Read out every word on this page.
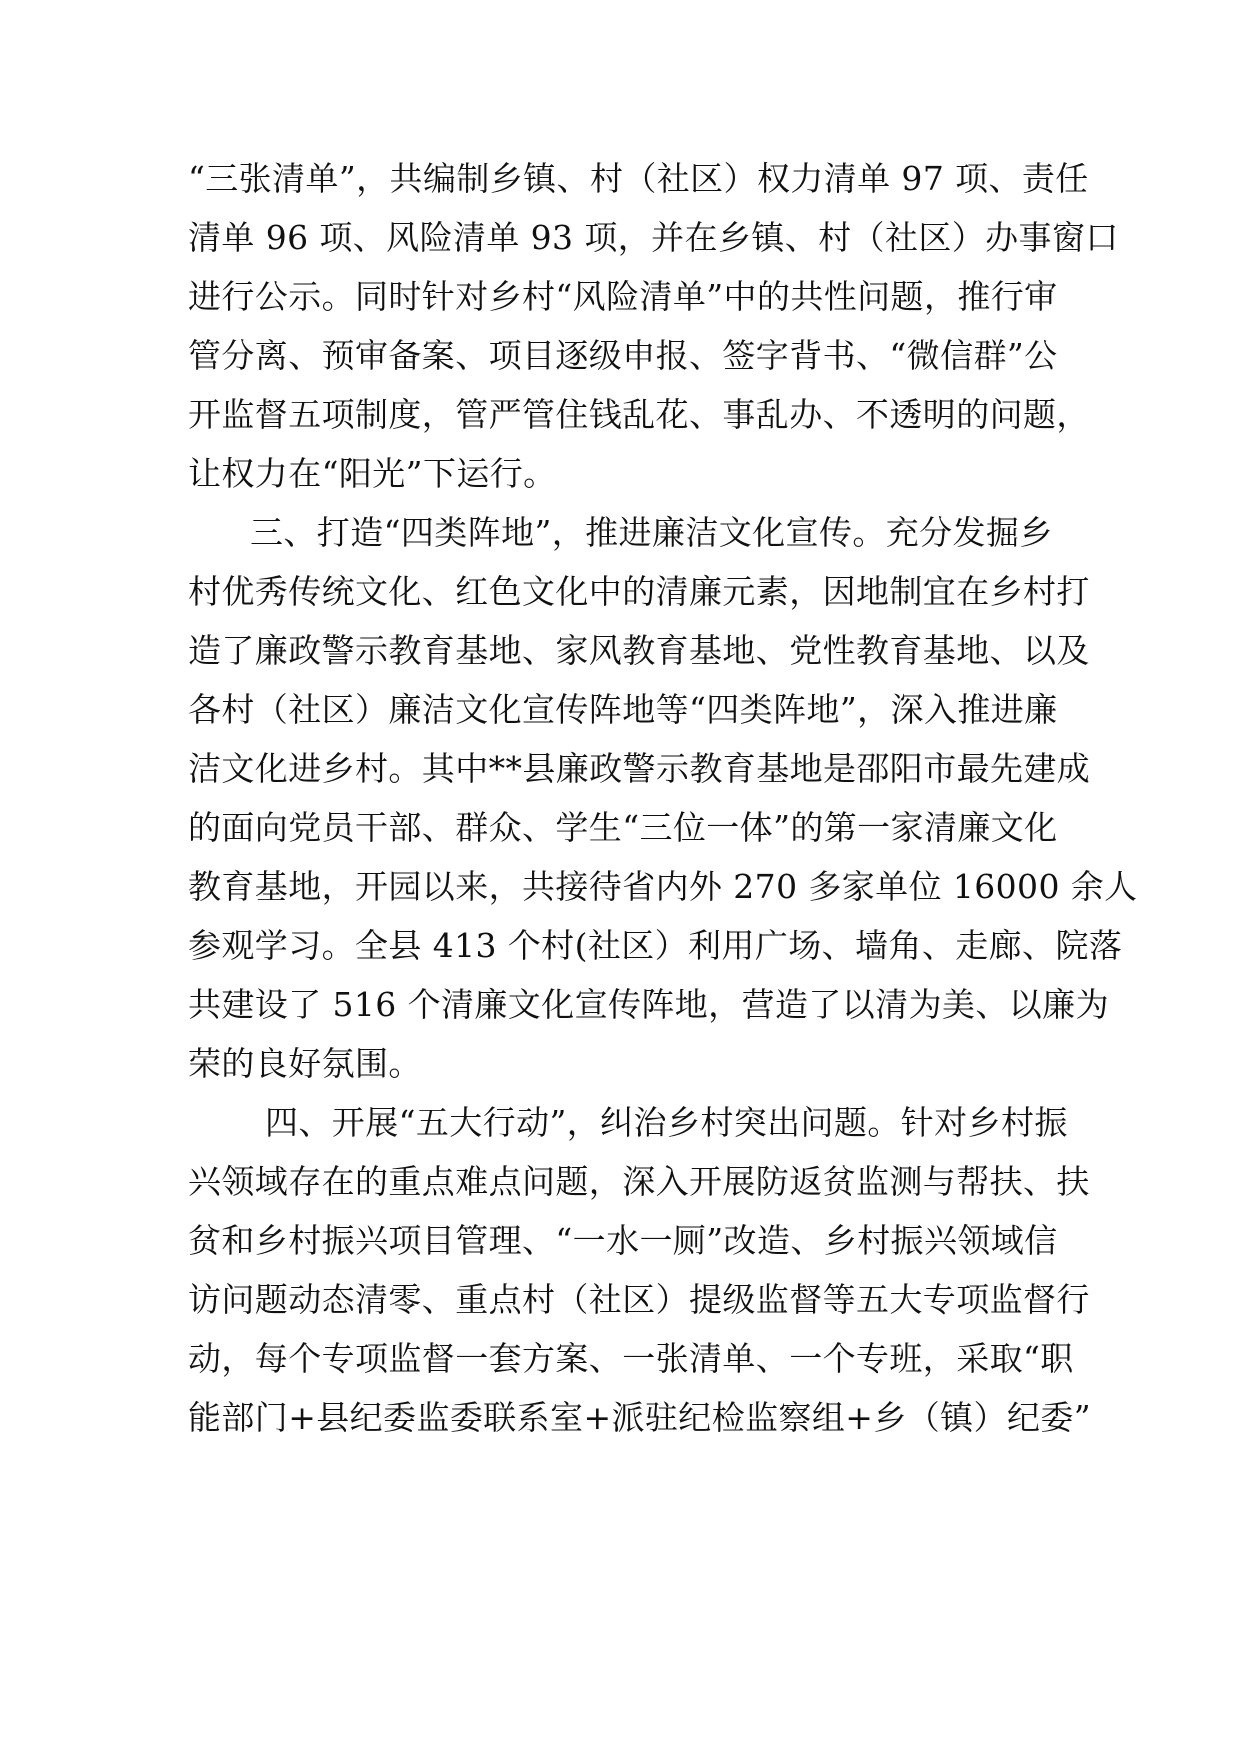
“三张清单”，共编制乡镇、村（社区）权力清单 97 项、责任
清单 96 项、风险清单 93 项，并在乡镇、村（社区）办事窗口
进行公示。同时针对乡村“风险清单”中的共性问题，推行审
管分离、预审备案、项目逐级申报、签字背书、“微信群”公
开监督五项制度，管严管住钱乱花、事乱办、不透明的问题，
让权力在“阳光”下运行。
三、打造“四类阵地”，推进廉洁文化宣传。充分发掘乡
村优秀传统文化、红色文化中的清廉元素，因地制宜在乡村打
造了廉政警示教育基地、家风教育基地、党性教育基地、以及
各村（社区）廉洁文化宣传阵地等“四类阵地”，深入推进廉
洁文化进乡村。其中**县廉政警示教育基地是邵阳市最先建成
的面向党员干部、群众、学生“三位一体”的第一家清廉文化
教育基地，开园以来，共接待省内外 270 多家单位 16000 余人
参观学习。全县 413 个村(社区）利用广场、墙角、走廊、院落
共建设了 516 个清廉文化宣传阵地，营造了以清为美、以廉为
荣的良好氛围。
四、开展“五大行动”，纠治乡村突出问题。针对乡村振
兴领域存在的重点难点问题，深入开展防返贫监测与帮扶、扶
贫和乡村振兴项目管理、“一水一厕”改造、乡村振兴领域信
访问题动态清零、重点村（社区）提级监督等五大专项监督行
动，每个专项监督一套方案、一张清单、一个专班，采取“职
能部门+县纪委监委联系室+派驻纪检监察组+乡（镇）纪委”
